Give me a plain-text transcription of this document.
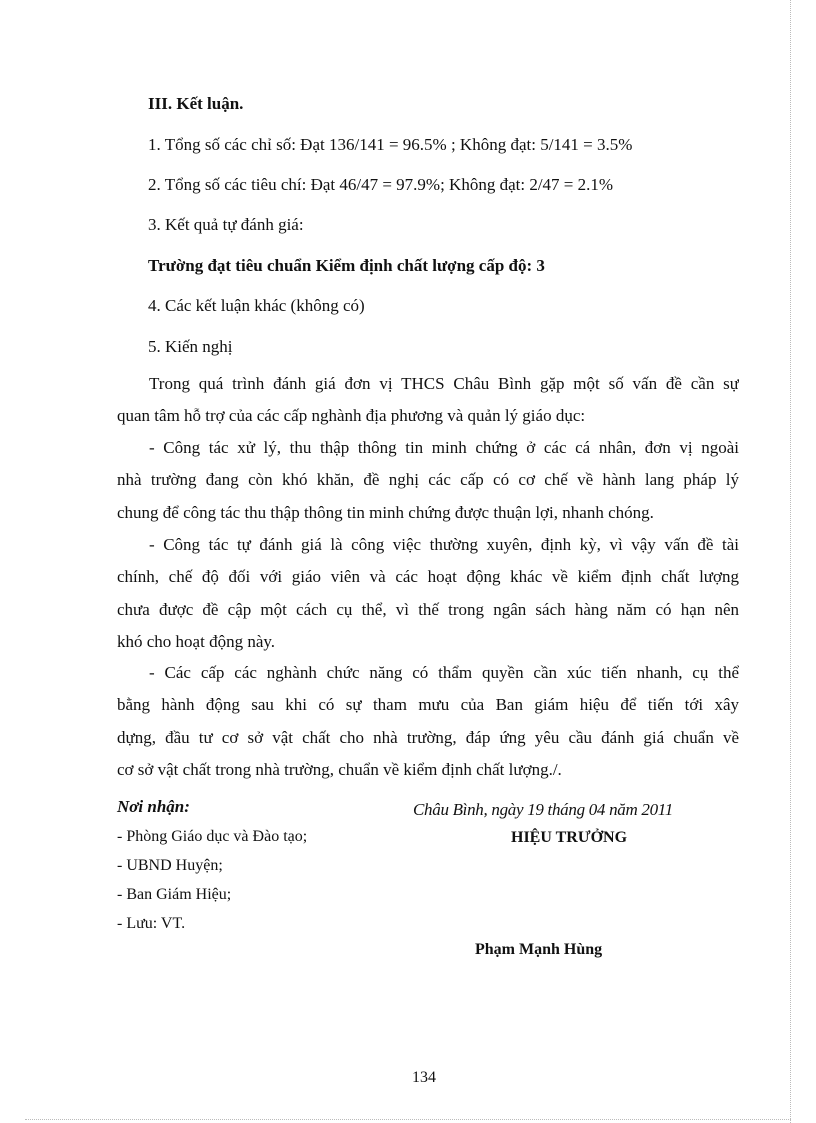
III. Kết luận.
1. Tổng số các chỉ số: Đạt 136/141 = 96.5% ; Không đạt: 5/141 = 3.5%
2. Tổng số các tiêu chí: Đạt 46/47 = 97.9%; Không đạt: 2/47 = 2.1%
3. Kết quả tự đánh giá:
Trường đạt tiêu chuẩn Kiểm định chất lượng cấp độ: 3
4. Các kết luận khác (không có)
5. Kiến nghị
Trong quá trình đánh giá đơn vị THCS Châu Bình gặp một số vấn đề cần sự
quan tâm hỗ trợ của các cấp nghành địa phương và quản lý giáo dục:
- Công tác xử lý, thu thập thông tin minh chứng ở các cá nhân, đơn vị ngoài
nhà trường đang còn khó khăn, đề nghị các cấp có cơ chế về hành lang pháp lý
chung để công tác thu thập thông tin minh chứng được thuận lợi, nhanh chóng.
- Công tác tự đánh giá là công việc thường xuyên, định kỳ, vì vậy vấn đề tài
chính, chế độ đối với giáo viên và các hoạt động khác về kiểm định chất lượng
chưa được đề cập một cách cụ thể, vì thế trong ngân sách hàng năm có hạn nên
khó cho hoạt động này.
- Các cấp các nghành chức năng có thẩm quyền cần xúc tiến nhanh, cụ thể
bằng hành động sau khi có sự tham mưu của Ban giám hiệu để tiến tới xây
dựng, đầu tư cơ sở vật chất cho nhà trường, đáp ứng yêu cầu đánh giá chuẩn về
cơ sở vật chất trong nhà trường, chuẩn về kiểm định chất lượng./.
Nơi nhận:
- Phòng Giáo dục và Đào tạo;
- UBND Huyện;
- Ban Giám Hiệu;
- Lưu: VT.
Châu Bình, ngày 19 tháng 04 năm 2011
HIỆU TRƯỞNG
Phạm Mạnh Hùng
134
